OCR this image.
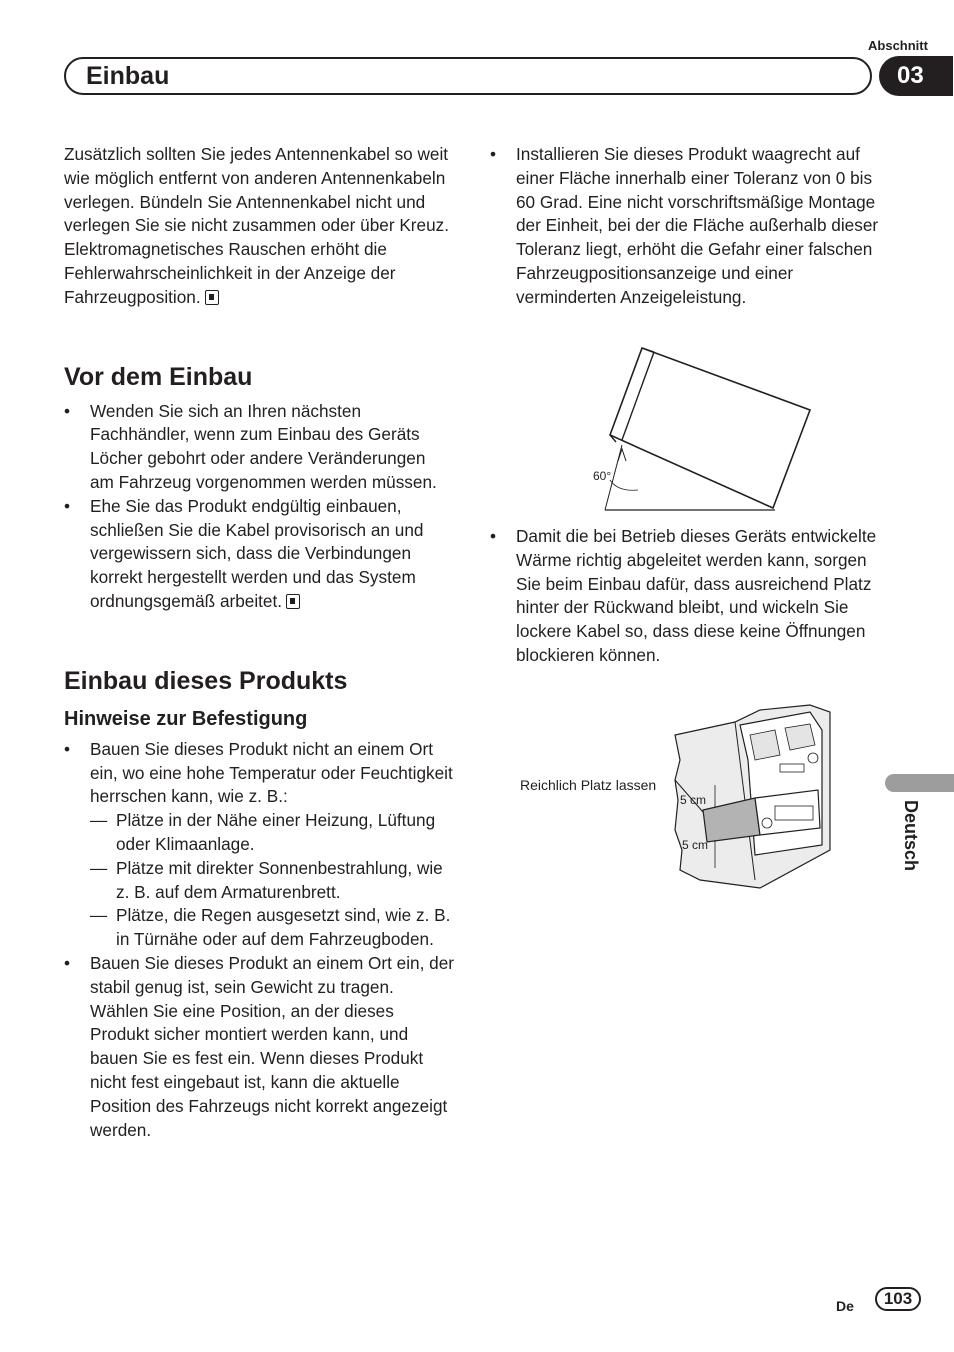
Abschnitt
Einbau	03
Deutsch

Zusätzlich sollten Sie jedes Antennenkabel so weit wie möglich entfernt von anderen Antennenkabeln verlegen. Bündeln Sie Antennenkabel nicht und verlegen Sie sie nicht zusammen oder über Kreuz. Elektromagnetisches Rauschen erhöht die Fehlerwahrscheinlichkeit in der Anzeige der Fahrzeugposition.

Vor dem Einbau
• Wenden Sie sich an Ihren nächsten Fachhändler, wenn zum Einbau des Geräts Löcher gebohrt oder andere Veränderungen am Fahrzeug vorgenommen werden müssen.
• Ehe Sie das Produkt endgültig einbauen, schließen Sie die Kabel provisorisch an und vergewissern sich, dass die Verbindungen korrekt hergestellt werden und das System ordnungsgemäß arbeitet.
Einbau dieses Produkts
Hinweise zur Befestigung
• Bauen Sie dieses Produkt nicht an einem Ort ein, wo eine hohe Temperatur oder Feuchtigkeit herrschen kann, wie z. B.:
— Plätze in der Nähe einer Heizung, Lüftung oder Klimaanlage.
— Plätze mit direkter Sonnenbestrahlung, wie z. B. auf dem Armaturenbrett.
— Plätze, die Regen ausgesetzt sind, wie z. B. in Türnähe oder auf dem Fahrzeugboden.
• Bauen Sie dieses Produkt an einem Ort ein, der stabil genug ist, sein Gewicht zu tragen. Wählen Sie eine Position, an der dieses Produkt sicher montiert werden kann, und bauen Sie es fest ein. Wenn dieses Produkt nicht fest eingebaut ist, kann die aktuelle Position des Fahrzeugs nicht korrekt angezeigt werden.
• Installieren Sie dieses Produkt waagrecht auf einer Fläche innerhalb einer Toleranz von 0 bis 60 Grad. Eine nicht vorschriftsmäßige Montage der Einheit, bei der die Fläche außerhalb dieser Toleranz liegt, erhöht die Gefahr einer falschen Fahrzeugpositionsanzeige und einer verminderten Anzeigeleistung.
60°
• Damit die bei Betrieb dieses Geräts entwickelte Wärme richtig abgeleitet werden kann, sorgen Sie beim Einbau dafür, dass ausreichend Platz hinter der Rückwand bleibt, und wickeln Sie lockere Kabel so, dass diese keine Öffnungen blockieren können.
Reichlich Platz lassen
5 cm
5 cm
De	103
